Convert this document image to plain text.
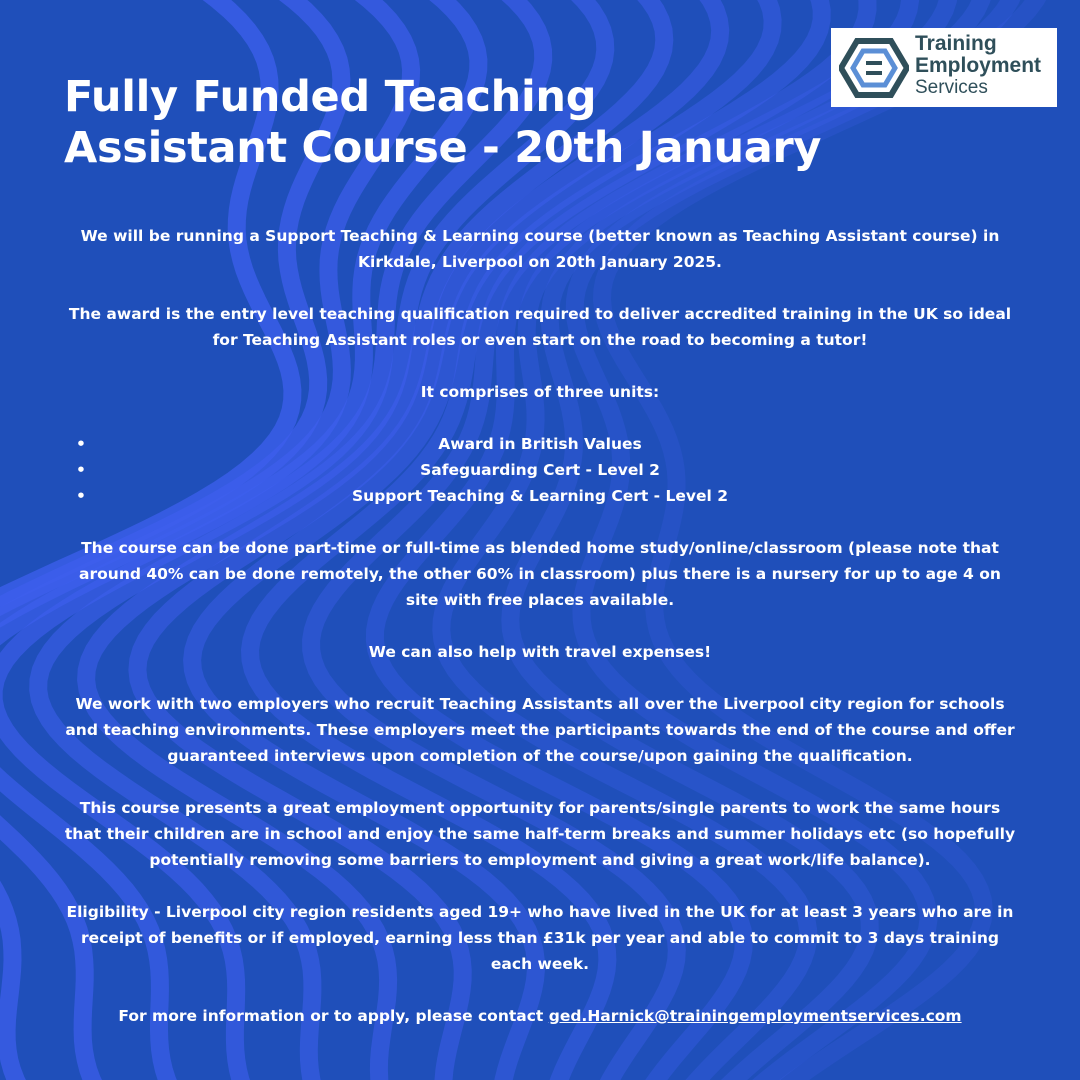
Training
Employment
Services
Fully Funded Teaching Assistant Course - 20th January

We will be running a Support Teaching & Learning course (better known as Teaching Assistant course) in Kirkdale, Liverpool on 20th January 2025.

The award is the entry level teaching qualification required to deliver accredited training in the UK so ideal for Teaching Assistant roles or even start on the road to becoming a tutor!

It comprises of three units:

•	Award in British Values
•	Safeguarding Cert - Level 2
•	Support Teaching & Learning Cert - Level 2

The course can be done part-time or full-time as blended home study/online/classroom (please note that around 40% can be done remotely, the other 60% in classroom) plus there is a nursery for up to age 4 on site with free places available.

We can also help with travel expenses!

We work with two employers who recruit Teaching Assistants all over the Liverpool city region for schools and teaching environments. These employers meet the participants towards the end of the course and offer guaranteed interviews upon completion of the course/upon gaining the qualification.

This course presents a great employment opportunity for parents/single parents to work the same hours that their children are in school and enjoy the same half-term breaks and summer holidays etc (so hopefully potentially removing some barriers to employment and giving a great work/life balance).

Eligibility - Liverpool city region residents aged 19+ who have lived in the UK for at least 3 years who are in receipt of benefits or if employed, earning less than £31k per year and able to commit to 3 days training each week.

For more information or to apply, please contact ged.Harnick@trainingemploymentservices.com
